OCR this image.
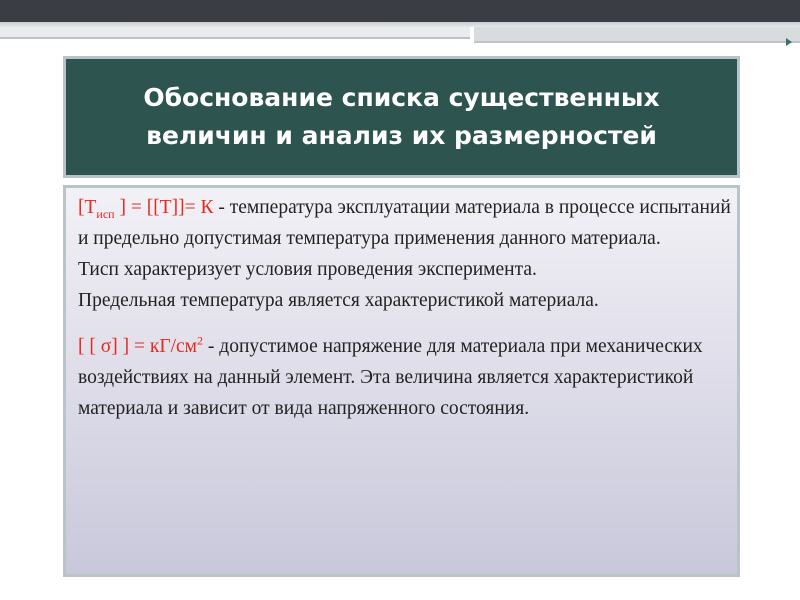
Обоснование списка существенных
величин и анализ их размерностей

[$T_{исп}$ ] = [[T]]= К - температура эксплуатации материала в процессе испытаний и предельно допустимая температура применения данного материала.

Тисп характеризует условия проведения эксперимента.

Предельная температура является характеристикой материала.

[ [ σ] ] = $кГ/см^2$ - допустимое напряжение для материала при механических воздействиях на данный элемент. Эта величина является характеристикой материала и зависит от вида напряженного состояния.
